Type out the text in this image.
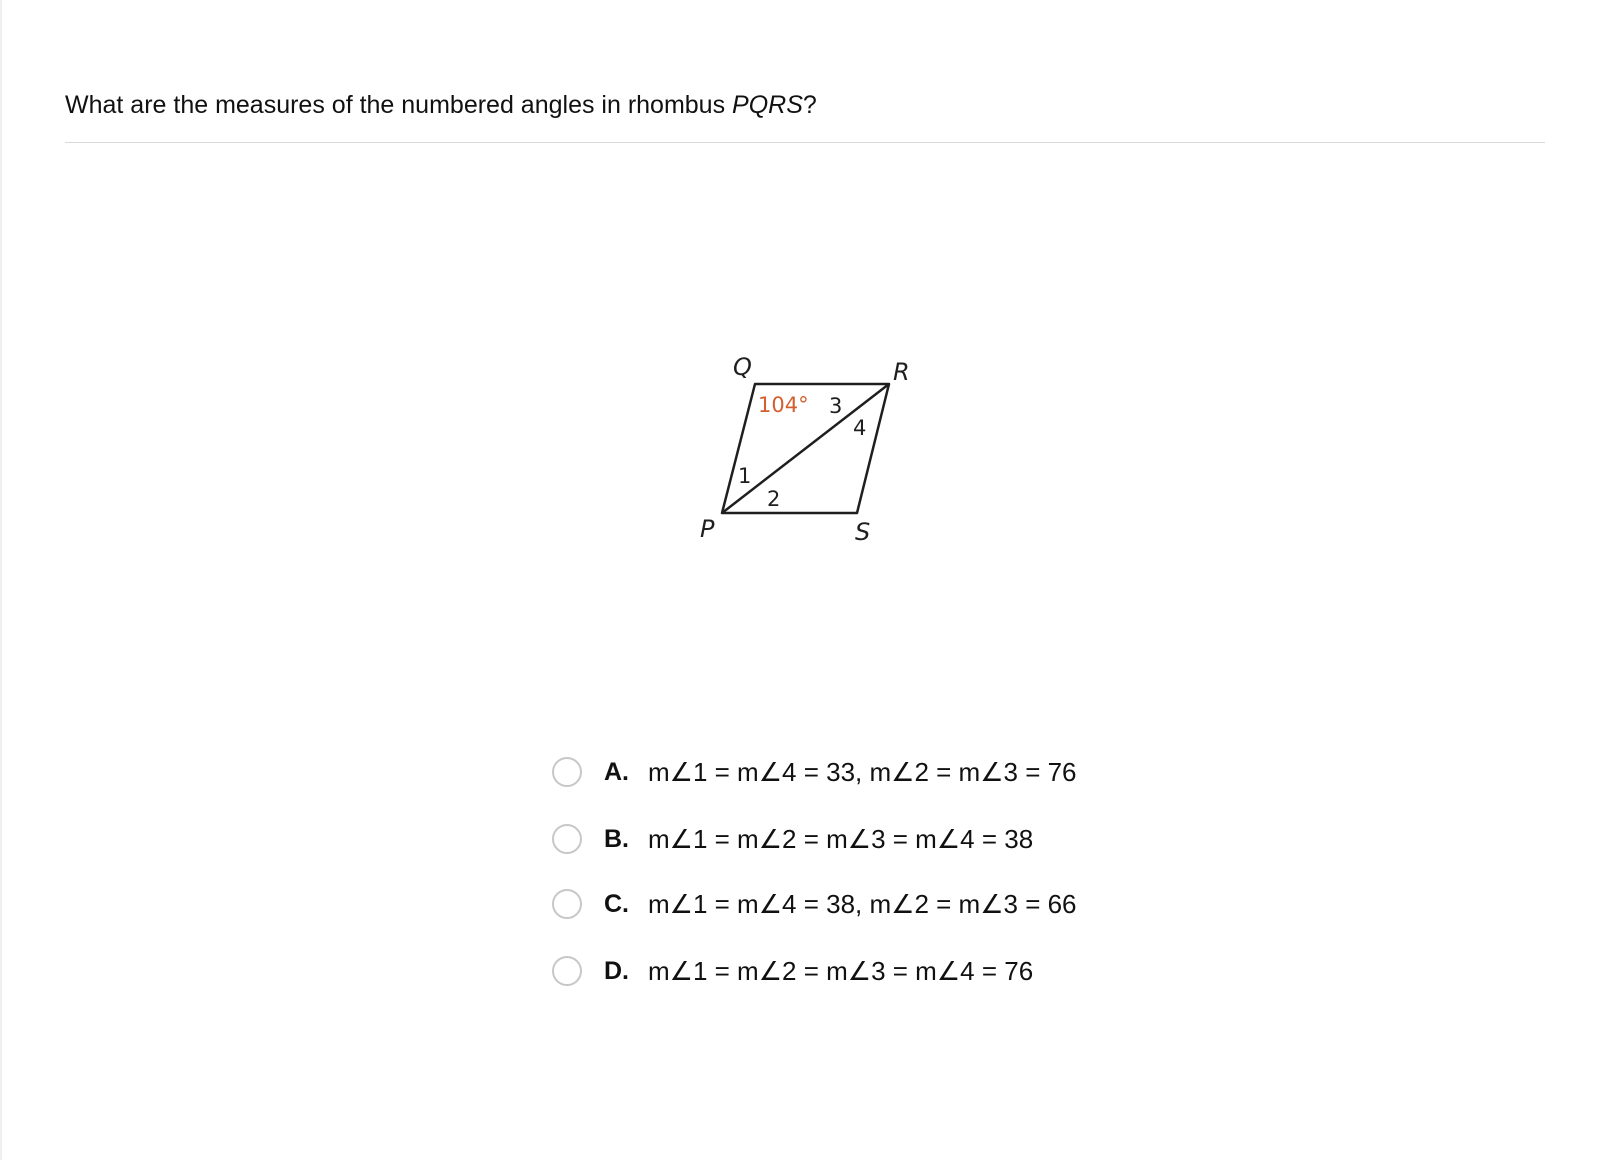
What are the measures of the numbered angles in rhombus PQRS?
Q	R
P	S
104° 3
4
1
2
A. m∠1 = m∠4 = 33, m∠2 = m∠3 = 76
B. m∠1 = m∠2 = m∠3 = m∠4 = 38
C. m∠1 = m∠4 = 38, m∠2 = m∠3 = 66
D. m∠1 = m∠2 = m∠3 = m∠4 = 76
